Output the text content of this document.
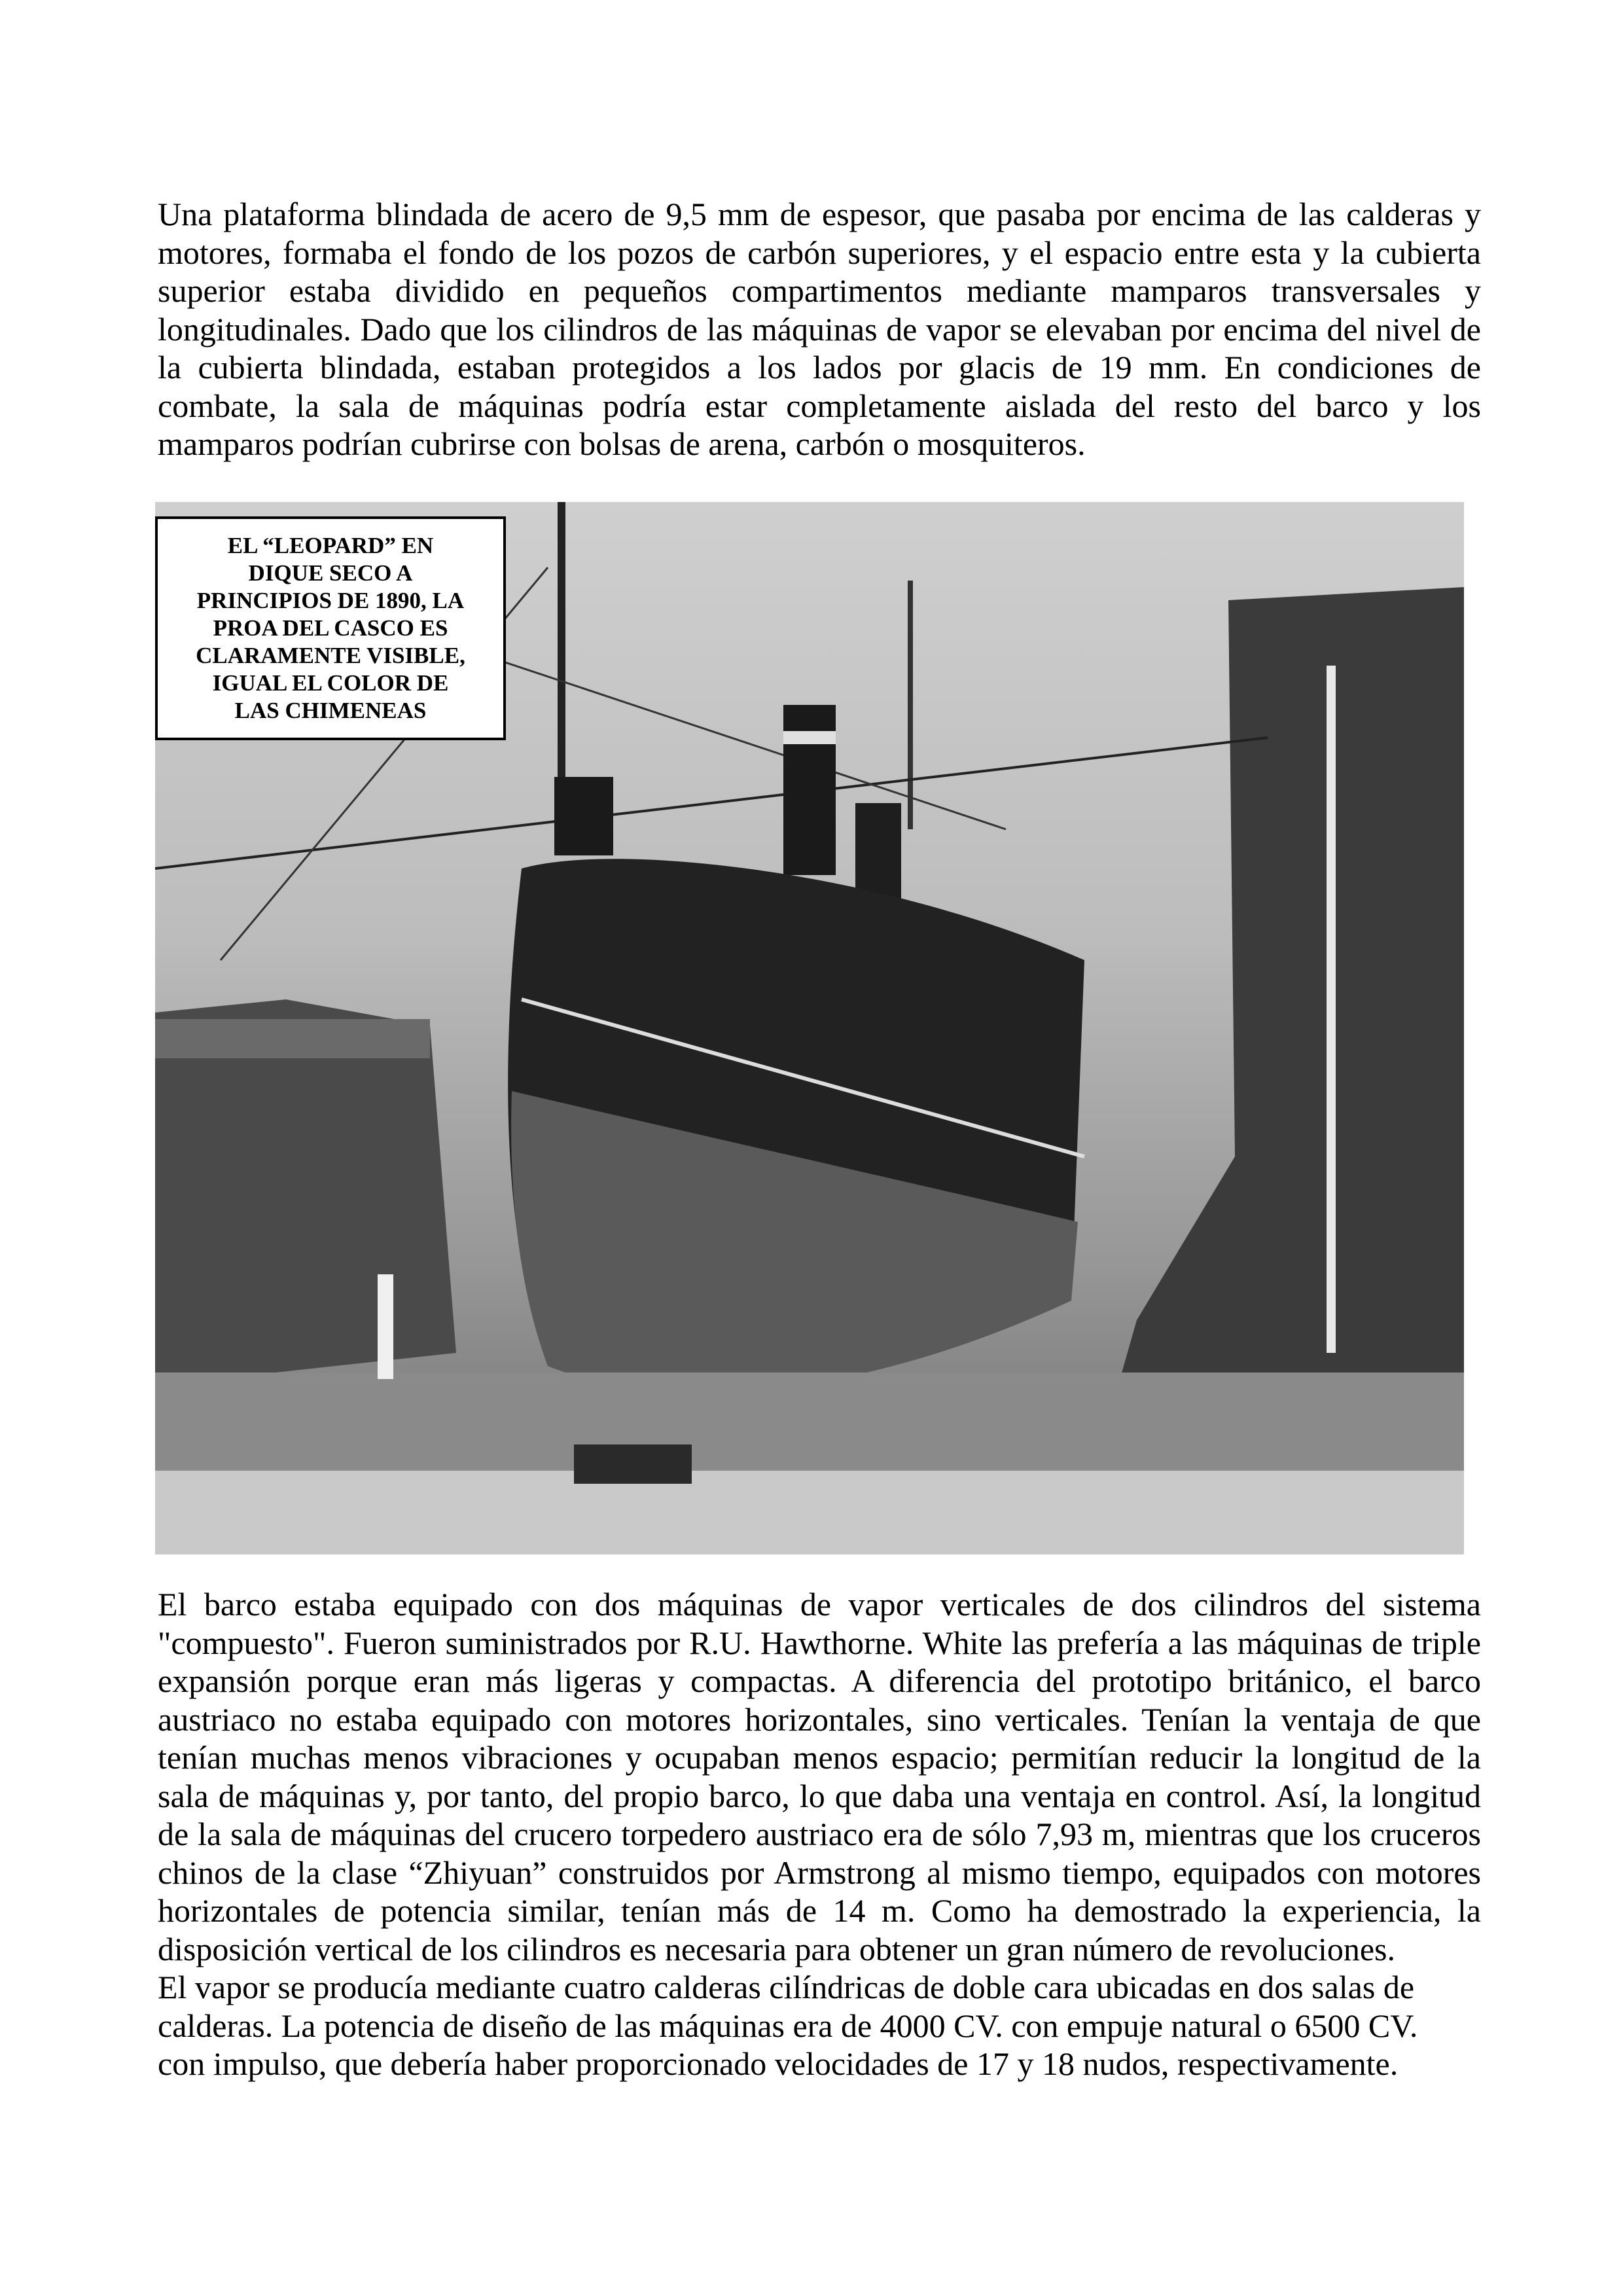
Una plataforma blindada de acero de 9,5 mm de espesor, que pasaba por encima de las calderas y
motores, formaba el fondo de los pozos de carbón superiores, y el espacio entre esta y la cubierta
superior estaba dividido en pequeños compartimentos mediante mamparos transversales y
longitudinales. Dado que los cilindros de las máquinas de vapor se elevaban por encima del nivel de
la cubierta blindada, estaban protegidos a los lados por glacis de 19 mm. En condiciones de
combate, la sala de máquinas podría estar completamente aislada del resto del barco y los
mamparos podrían cubrirse con bolsas de arena, carbón o mosquiteros.
EL “LEOPARD” EN
DIQUE SECO A
PRINCIPIOS DE 1890, LA
PROA DEL CASCO ES
CLARAMENTE VISIBLE,
IGUAL EL COLOR DE
LAS CHIMENEAS
El barco estaba equipado con dos máquinas de vapor verticales de dos cilindros del sistema
"compuesto". Fueron suministrados por R.U. Hawthorne. White las prefería a las máquinas de triple
expansión porque eran más ligeras y compactas. A diferencia del prototipo británico, el barco
austriaco no estaba equipado con motores horizontales, sino verticales. Tenían la ventaja de que
tenían muchas menos vibraciones y ocupaban menos espacio; permitían reducir la longitud de la
sala de máquinas y, por tanto, del propio barco, lo que daba una ventaja en control. Así, la longitud
de la sala de máquinas del crucero torpedero austriaco era de sólo 7,93 m, mientras que los cruceros
chinos de la clase “Zhiyuan” construidos por Armstrong al mismo tiempo, equipados con motores
horizontales de potencia similar, tenían más de 14 m. Como ha demostrado la experiencia, la
disposición vertical de los cilindros es necesaria para obtener un gran número de revoluciones.
El vapor se producía mediante cuatro calderas cilíndricas de doble cara ubicadas en dos salas de
calderas. La potencia de diseño de las máquinas era de 4000 CV. con empuje natural o 6500 CV.
con impulso, que debería haber proporcionado velocidades de 17 y 18 nudos, respectivamente.
